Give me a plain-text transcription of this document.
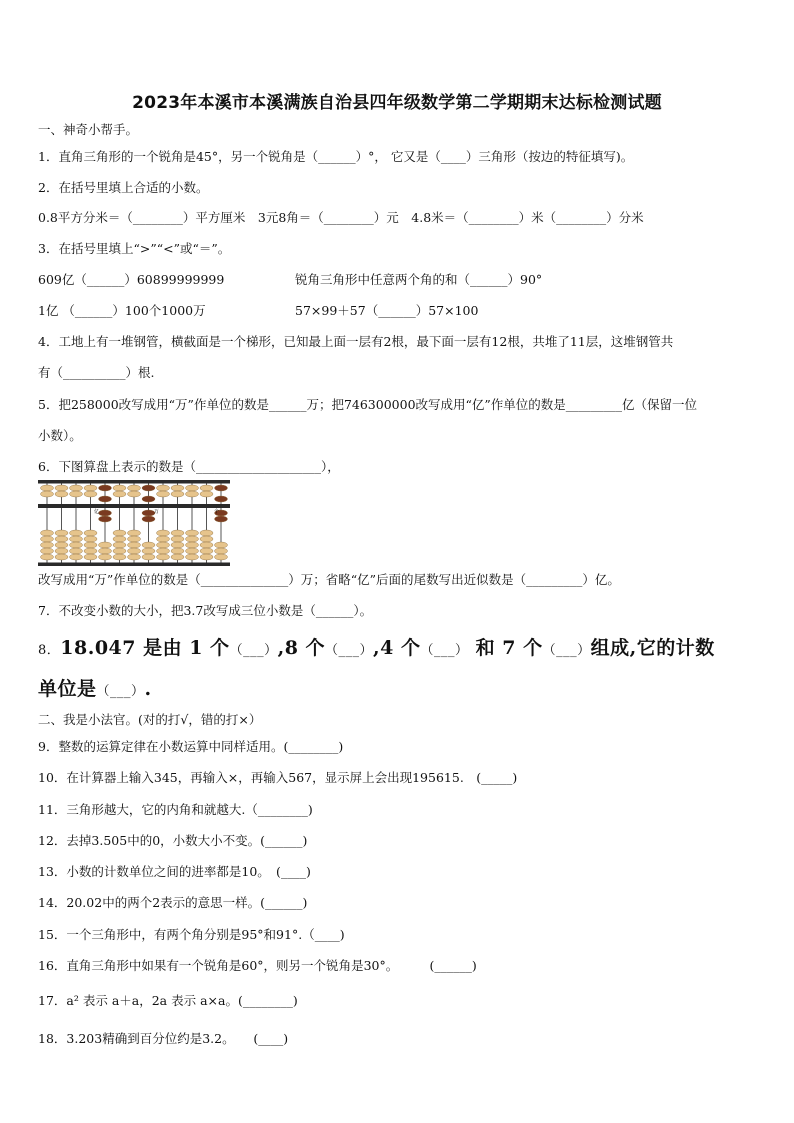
2023年本溪市本溪满族自治县四年级数学第二学期期末达标检测试题
一、神奇小帮手。
1．直角三角形的一个锐角是45°，另一个锐角是（______）°， 它又是（____）三角形（按边的特征填写)。
2．在括号里填上合适的小数。
0.8平方分米＝（________）平方厘米　3元8角＝（________）元　4.8米＝（________）米（________）分米
3．在括号里填上“>”“<”或“＝”。
609亿（______）60899999999	锐角三角形中任意两个角的和（______）90°
1亿 （______）100个1000万	57×99＋57（______）57×100
4．工地上有一堆钢管，横截面是一个梯形，已知最上面一层有2根，最下面一层有12根，共堆了11层，这堆钢管共
有（__________）根.
5．把258000改写成用“万”作单位的数是______万；把746300000改写成用“亿”作单位的数是_________亿（保留一位
小数）。
6．下图算盘上表示的数是（____________________），
亿	万	个
改写成用“万”作单位的数是（______________）万；省略“亿”后面的尾数写出近似数是（_________）亿。
7．不改变小数的大小，把3.7改写成三位小数是（______）。
8．18.047 是由 1 个（___）,8 个（___）,4 个（___） 和 7 个（___）组成,它的计数
单位是（___）.
二、我是小法官。(对的打√，错的打×）
9．整数的运算定律在小数运算中同样适用。(________)
10．在计算器上输入345，再输入×，再输入567，显示屏上会出现195615.　(_____)
11．三角形越大，它的内角和就越大.（________)
12．去掉3.505中的0，小数大小不变。(______)
13．小数的计数单位之间的进率都是10。　(____)
14．20.02中的两个2表示的意思一样。(______)
15．一个三角形中，有两个角分别是95°和91°.（____)
16．直角三角形中如果有一个锐角是60°，则另一个锐角是30°。　　　(______)
17．a² 表示 a＋a，2a 表示 a×a。(________)
18．3.203精确到百分位约是3.2。　　(____)
